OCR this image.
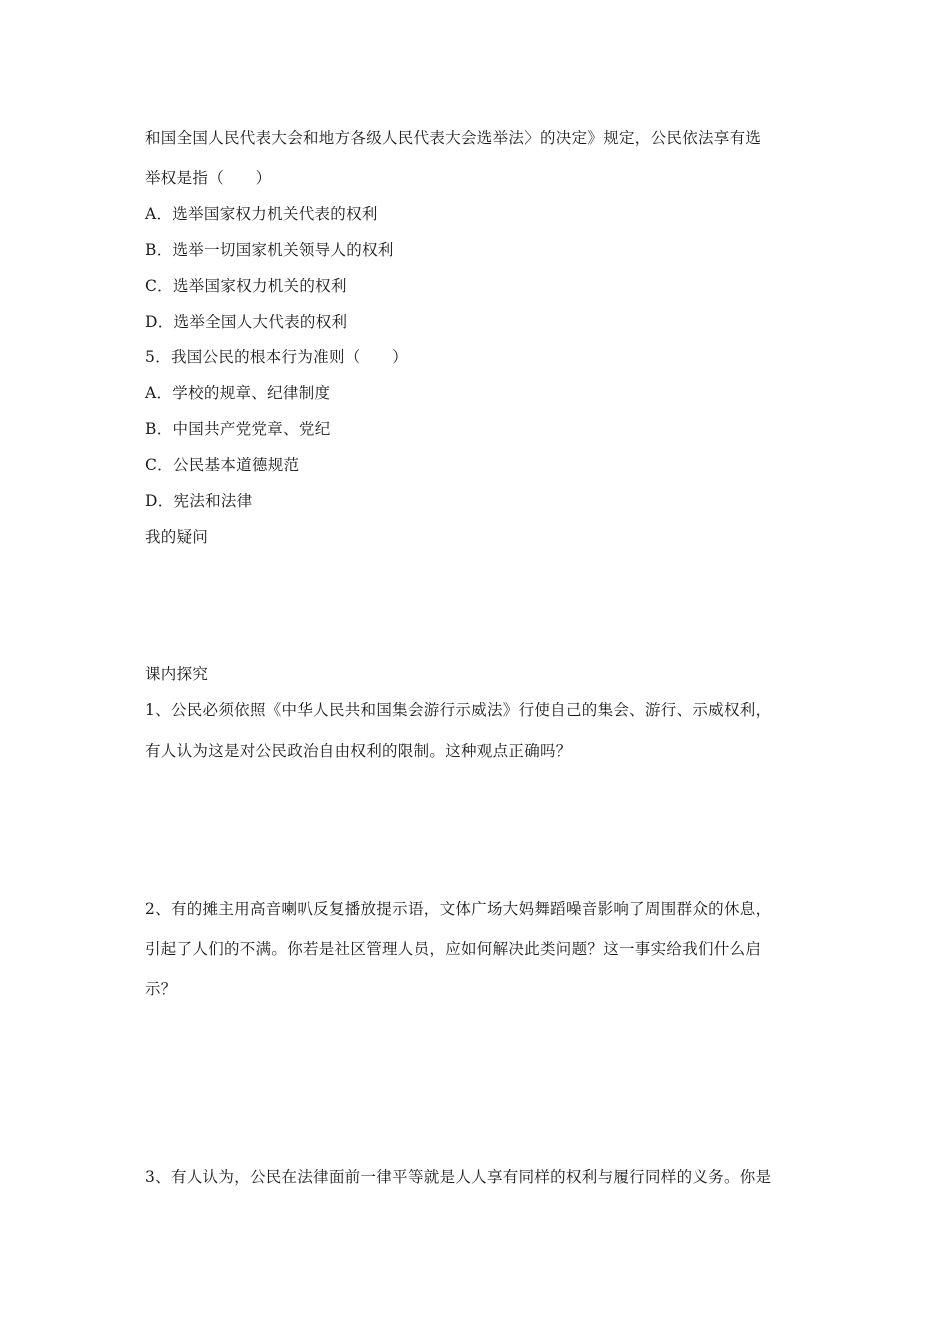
和国全国人民代表大会和地方各级人民代表大会选举法〉的决定》规定，公民依法享有选
举权是指（　　）
A．选举国家权力机关代表的权利
B．选举一切国家机关领导人的权利
C．选举国家权力机关的权利
D．选举全国人大代表的权利
5．我国公民的根本行为准则（　　）
A．学校的规章、纪律制度
B．中国共产党党章、党纪
C．公民基本道德规范
D．宪法和法律
我的疑问
课内探究
1、公民必须依照《中华人民共和国集会游行示威法》行使自己的集会、游行、示威权利，
有人认为这是对公民政治自由权利的限制。这种观点正确吗？
2、有的摊主用高音喇叭反复播放提示语，文体广场大妈舞蹈噪音影响了周围群众的休息，
引起了人们的不满。你若是社区管理人员，应如何解决此类问题？这一事实给我们什么启
示？
3、有人认为，公民在法律面前一律平等就是人人享有同样的权利与履行同样的义务。你是
